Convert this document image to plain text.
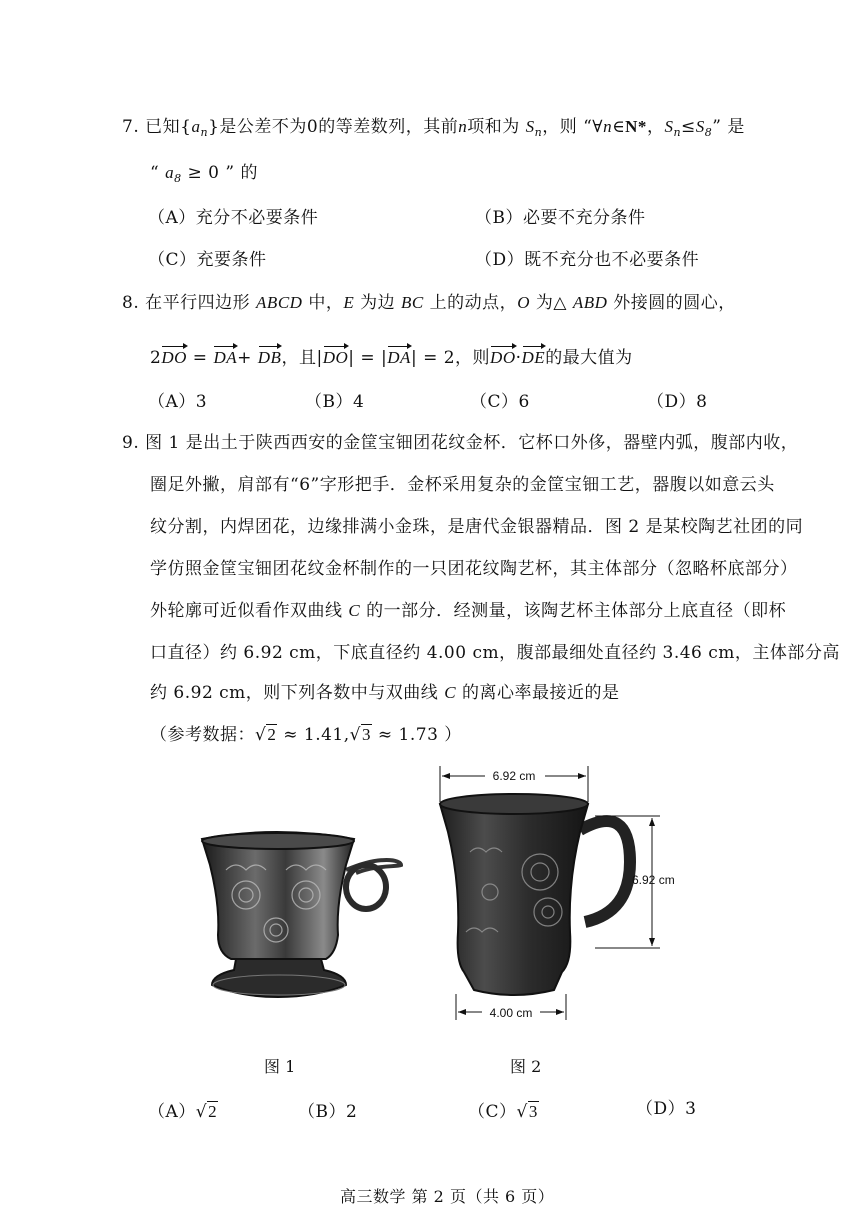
7. 已知$\{a_n\}$是公差不为0的等差数列，其前n项和为 $S_n$，则 “∀n∈N*，$S_n\le S_8$” 是
“ $a_8 \ge 0$ ” 的
（A）充分不必要条件	（B）必要不充分条件
（C）充要条件	（D）既不充分也不必要条件
8. 在平行四边形 ABCD 中，E 为边 BC 上的动点，O 为△ ABD 外接圆的圆心，
2DO = DA+ DB，且|DO| = |DA| = 2，则DO·DE的最大值为
（A）3	（B）4	（C）6	（D）8
9. 图 1 是出土于陕西西安的金筐宝钿团花纹金杯．它杯口外侈，器壁内弧，腹部内收，
圈足外撇，肩部有“6”字形把手．金杯采用复杂的金筐宝钿工艺，器腹以如意云头
纹分割，内焊团花，边缘排满小金珠，是唐代金银器精品．图 2 是某校陶艺社团的同
学仿照金筐宝钿团花纹金杯制作的一只团花纹陶艺杯，其主体部分（忽略杯底部分）
外轮廓可近似看作双曲线 C 的一部分．经测量，该陶艺杯主体部分上底直径（即杯
口直径）约 6.92 cm，下底直径约 4.00 cm，腹部最细处直径约 3.46 cm，主体部分高
约 6.92 cm，则下列各数中与双曲线 C 的离心率最接近的是
（参考数据：√2 ≈ 1.41,√3 ≈ 1.73 ）
6.92 cm
4.00 cm
6.92 cm
图 1	图 2
（A）√2	（B）2	（C）√3	（D）3
高三数学 第 2 页（共 6 页）
